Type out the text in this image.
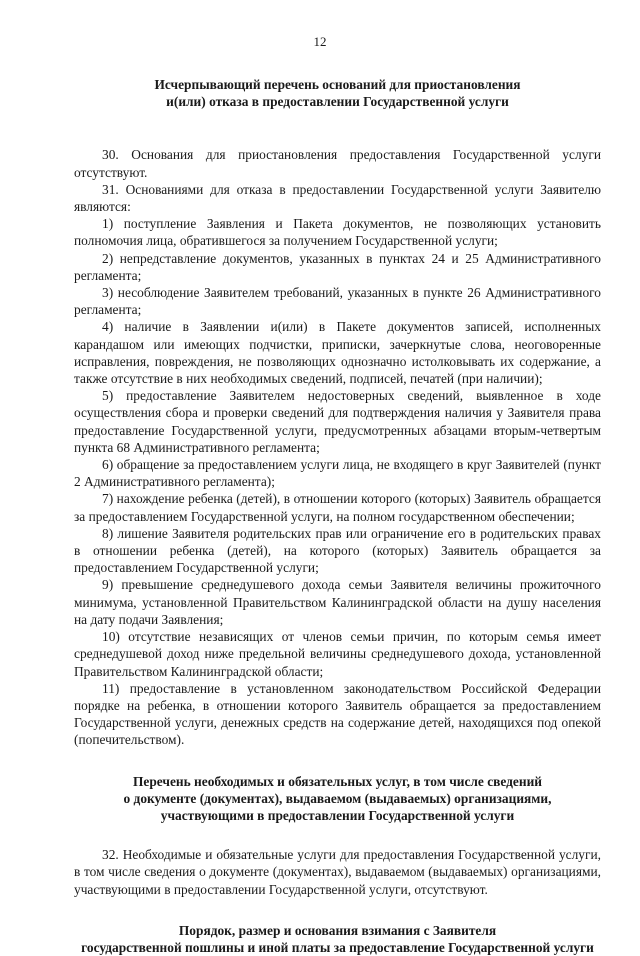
12
Исчерпывающий перечень оснований для приостановления
и(или) отказа в предоставлении Государственной услуги

30. Основания для приостановления предоставления Государственной услуги отсутствуют.

31. Основаниями для отказа в предоставлении Государственной услуги Заявителю являются:

1) поступление Заявления и Пакета документов, не позволяющих установить полномочия лица, обратившегося за получением Государственной услуги;

2) непредставление документов, указанных в пунктах 24 и 25 Административного регламента;

3) несоблюдение Заявителем требований, указанных в пункте 26 Административного регламента;

4) наличие в Заявлении и(или) в Пакете документов записей, исполненных карандашом или имеющих подчистки, приписки, зачеркнутые слова, неоговоренные исправления, повреждения, не позволяющих однозначно истолковывать их содержание, а также отсутствие в них необходимых сведений, подписей, печатей (при наличии);

5) предоставление Заявителем недостоверных сведений, выявленное в ходе осуществления сбора и проверки сведений для подтверждения наличия у Заявителя права предоставление Государственной услуги, предусмотренных абзацами вторым-четвертым пункта 68 Административного регламента;

6) обращение за предоставлением услуги лица, не входящего в круг Заявителей (пункт 2 Административного регламента);

7) нахождение ребенка (детей), в отношении которого (которых) Заявитель обращается за предоставлением Государственной услуги, на полном государственном обеспечении;

8) лишение Заявителя родительских прав или ограничение его в родительских правах в отношении ребенка (детей), на которого (которых) Заявитель обращается за предоставлением Государственной услуги;

9) превышение среднедушевого дохода семьи Заявителя величины прожиточного минимума, установленной Правительством Калининградской области на душу населения на дату подачи Заявления;

10) отсутствие независящих от членов семьи причин, по которым семья имеет среднедушевой доход ниже предельной величины среднедушевого дохода, установленной Правительством Калининградской области;

11) предоставление в установленном законодательством Российской Федерации порядке на ребенка, в отношении которого Заявитель обращается за предоставлением Государственной услуги, денежных средств на содержание детей, находящихся под опекой (попечительством).

Перечень необходимых и обязательных услуг, в том числе сведений
о документе (документах), выдаваемом (выдаваемых) организациями,
участвующими в предоставлении Государственной услуги

32. Необходимые и обязательные услуги для предоставления Государственной услуги, в том числе сведения о документе (документах), выдаваемом (выдаваемых) организациями, участвующими в предоставлении Государственной услуги, отсутствуют.

Порядок, размер и основания взимания с Заявителя
государственной пошлины и иной платы за предоставление Государственной услуги
